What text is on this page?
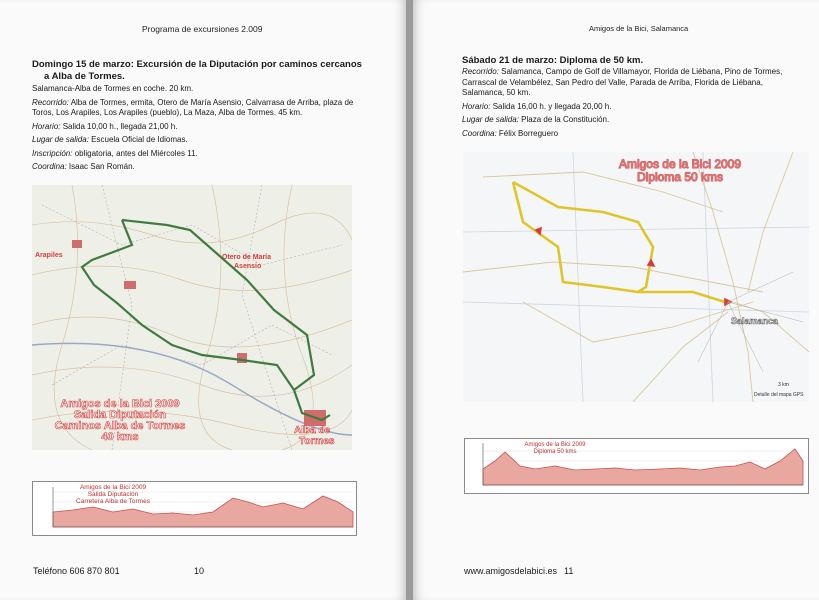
Programa de excursiones 2.009
Domingo 15 de marzo: Excursión de la Diputación por caminos cercanos a Alba de Tormes.

Salamanca-Alba de Tormes en coche. 20 km.

Recorrido: Alba de Tormes, ermita, Otero de María Asensio, Calvarrasa de Arriba, plaza de Toros, Los Arapiles, Los Arapiles (pueblo), La Maza, Alba de Tormes. 45 km.

Horario: Salida 10,00 h., llegada 21,00 h.

Lugar de salida: Escuela Oficial de Idiomas.

Inscripción: obligatoria, antes del Miércoles 11.

Coordina: Isaac San Román.

Arapiles	Otero de María
Asensio
Alba de
Tormes
Amigos de la Bici 2009
Salida Diputación
Caminos Alba de Tormes
40 kms
Amigos de la Bici 2009
Salida Diputación
Carretera Alba de Tormes
Teléfono 606 870 801	10
Amigos de la Bici, Salamanca
Sábado 21 de marzo: Diploma de 50 km.

Recorrido: Salamanca, Campo de Golf de Villamayor, Florida de Liébana, Pino de Tormes, Carrascal de Velambélez, San Pedro del Valle, Parada de Arriba, Florida de Liébana, Salamanca, 50 km.

Horario: Salida 16,00 h. y llegada 20,00 h.

Lugar de salida: Plaza de la Constitución.

Coordina: Félix Borreguero

Amigos de la Bici 2009
Diploma 50 kms
Salamanca
3 km
Detalle del mapa GPS
Amigos de la Bici 2009
Diploma 50 kms
www.amigosdelabici.es 11
